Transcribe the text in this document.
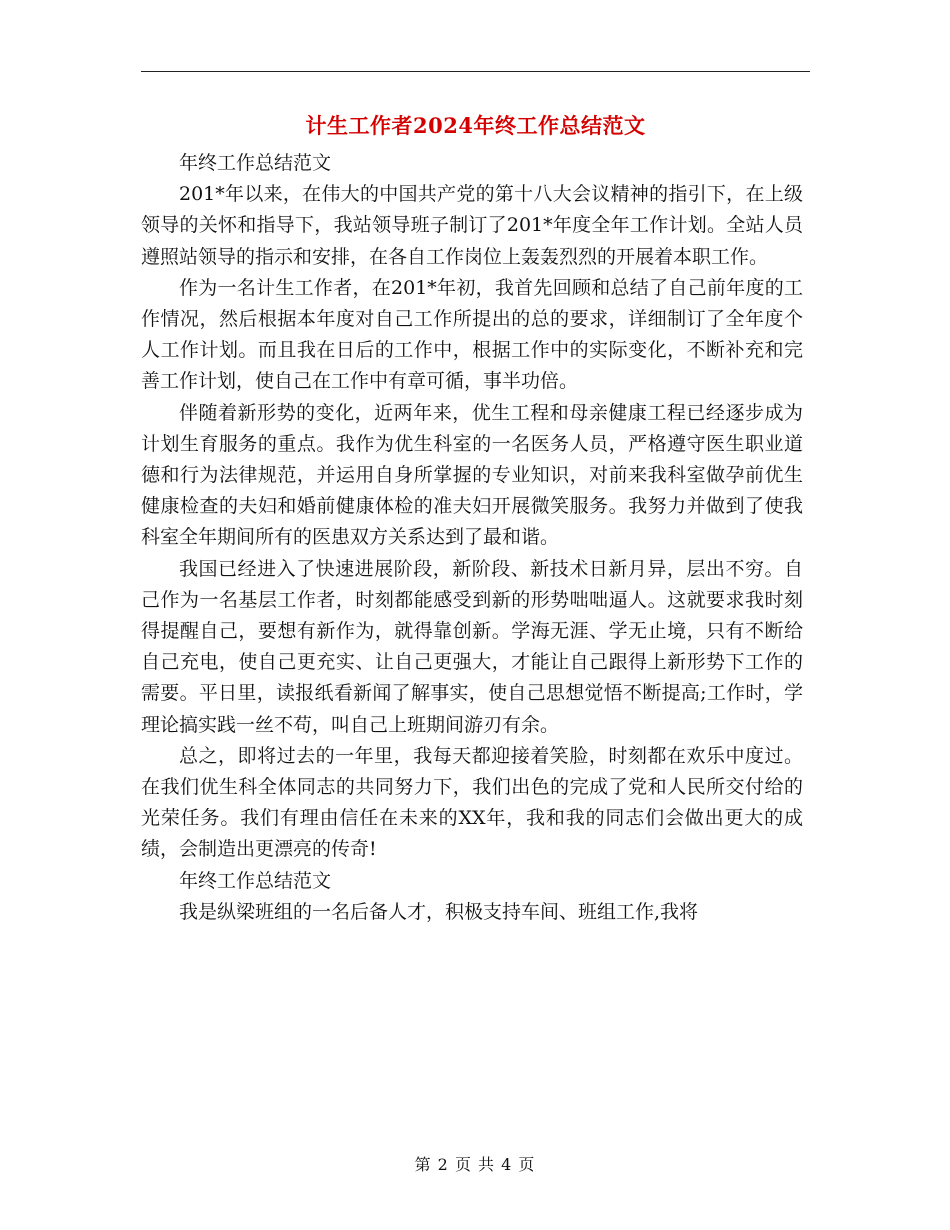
计生工作者2024年终工作总结范文

年终工作总结范文

201*年以来，在伟大的中国共产党的第十八大会议精神的指引下，在上级领导的关怀和指导下，我站领导班子制订了201*年度全年工作计划。全站人员遵照站领导的指示和安排，在各自工作岗位上轰轰烈烈的开展着本职工作。

作为一名计生工作者，在201*年初，我首先回顾和总结了自己前年度的工作情况，然后根据本年度对自己工作所提出的总的要求，详细制订了全年度个人工作计划。而且我在日后的工作中，根据工作中的实际变化，不断补充和完善工作计划，使自己在工作中有章可循，事半功倍。

伴随着新形势的变化，近两年来，优生工程和母亲健康工程已经逐步成为计划生育服务的重点。我作为优生科室的一名医务人员，严格遵守医生职业道德和行为法律规范，并运用自身所掌握的专业知识，对前来我科室做孕前优生健康检查的夫妇和婚前健康体检的准夫妇开展微笑服务。我努力并做到了使我科室全年期间所有的医患双方关系达到了最和谐。

我国已经进入了快速进展阶段，新阶段、新技术日新月异，层出不穷。自己作为一名基层工作者，时刻都能感受到新的形势咄咄逼人。这就要求我时刻得提醒自己，要想有新作为，就得靠创新。学海无涯、学无止境，只有不断给自己充电，使自己更充实、让自己更强大，才能让自己跟得上新形势下工作的需要。平日里，读报纸看新闻了解事实，使自己思想觉悟不断提高;工作时，学理论搞实践一丝不苟，叫自己上班期间游刃有余。

总之，即将过去的一年里，我每天都迎接着笑脸，时刻都在欢乐中度过。在我们优生科全体同志的共同努力下，我们出色的完成了党和人民所交付给的光荣任务。我们有理由信任在未来的XX年，我和我的同志们会做出更大的成绩，会制造出更漂亮的传奇!

年终工作总结范文

我是纵梁班组的一名后备人才，积极支持车间、班组工作,我将

第 2 页 共 4 页
